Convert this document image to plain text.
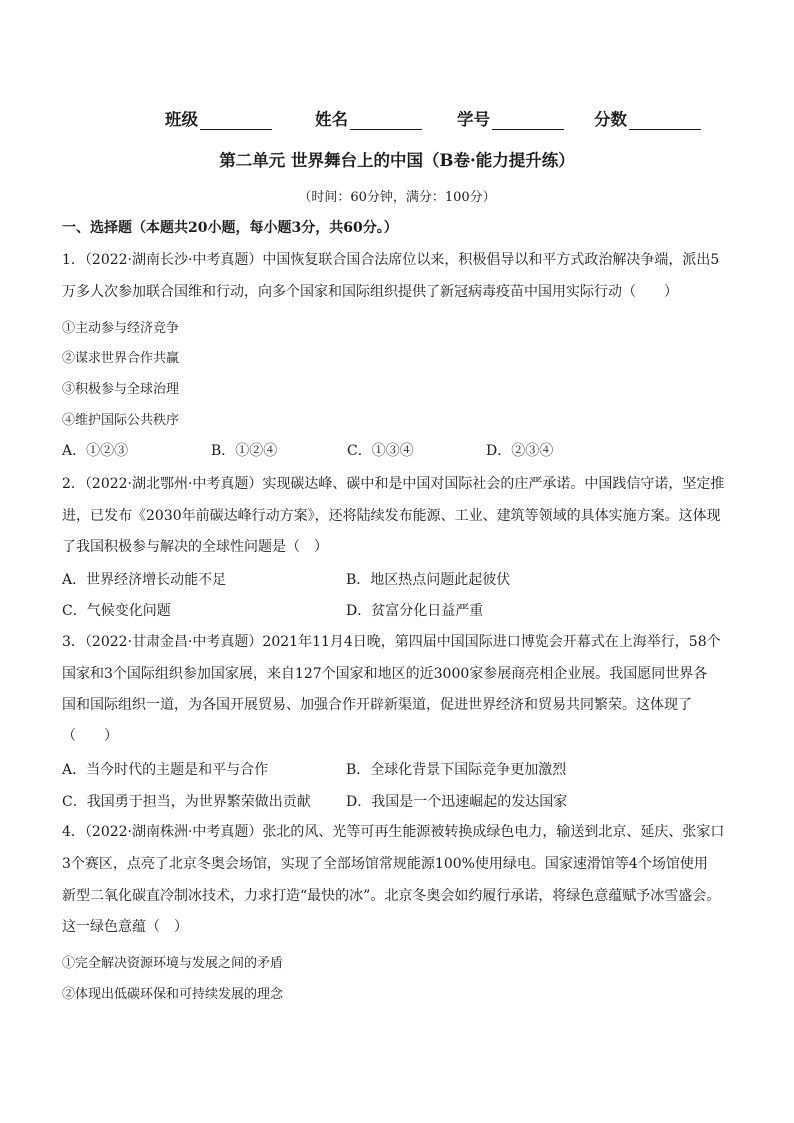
班级	姓名	学号	分数
第二单元 世界舞台上的中国（B卷·能力提升练）
（时间：60分钟，满分：100分）
一、选择题（本题共20小题，每小题3分，共60分。）
1．（2022·湖南长沙·中考真题）中国恢复联合国合法席位以来，积极倡导以和平方式政治解决争端，派出5
万多人次参加联合国维和行动，向多个国家和国际组织提供了新冠病毒疫苗中国用实际行动（　　）
①主动参与经济竞争
②谋求世界合作共赢
③积极参与全球治理
④维护国际公共秩序
A．①②③	B．①②④	C．①③④	D．②③④
2．（2022·湖北鄂州·中考真题）实现碳达峰、碳中和是中国对国际社会的庄严承诺。中国践信守诺，坚定推
进，已发布《2030年前碳达峰行动方案》，还将陆续发布能源、工业、建筑等领域的具体实施方案。这体现
了我国积极参与解决的全球性问题是（　）
A．世界经济增长动能不足	B．地区热点问题此起彼伏
C．气候变化问题	D．贫富分化日益严重
3．（2022·甘肃金昌·中考真题）2021年11月4日晚，第四届中国国际进口博览会开幕式在上海举行，58个
国家和3个国际组织参加国家展，来自127个国家和地区的近3000家参展商亮相企业展。我国愿同世界各
国和国际组织一道，为各国开展贸易、加强合作开辟新渠道，促进世界经济和贸易共同繁荣。这体现了
（　　）
A．当今时代的主题是和平与合作	B．全球化背景下国际竞争更加激烈
C．我国勇于担当，为世界繁荣做出贡献	D．我国是一个迅速崛起的发达国家
4．（2022·湖南株洲·中考真题）张北的风、光等可再生能源被转换成绿色电力，输送到北京、延庆、张家口
3个赛区，点亮了北京冬奥会场馆，实现了全部场馆常规能源100%使用绿电。国家速滑馆等4个场馆使用
新型二氧化碳直冷制冰技术，力求打造“最快的冰”。北京冬奥会如约履行承诺，将绿色意蕴赋予冰雪盛会。
这一绿色意蕴（　）
①完全解决资源环境与发展之间的矛盾
②体现出低碳环保和可持续发展的理念
